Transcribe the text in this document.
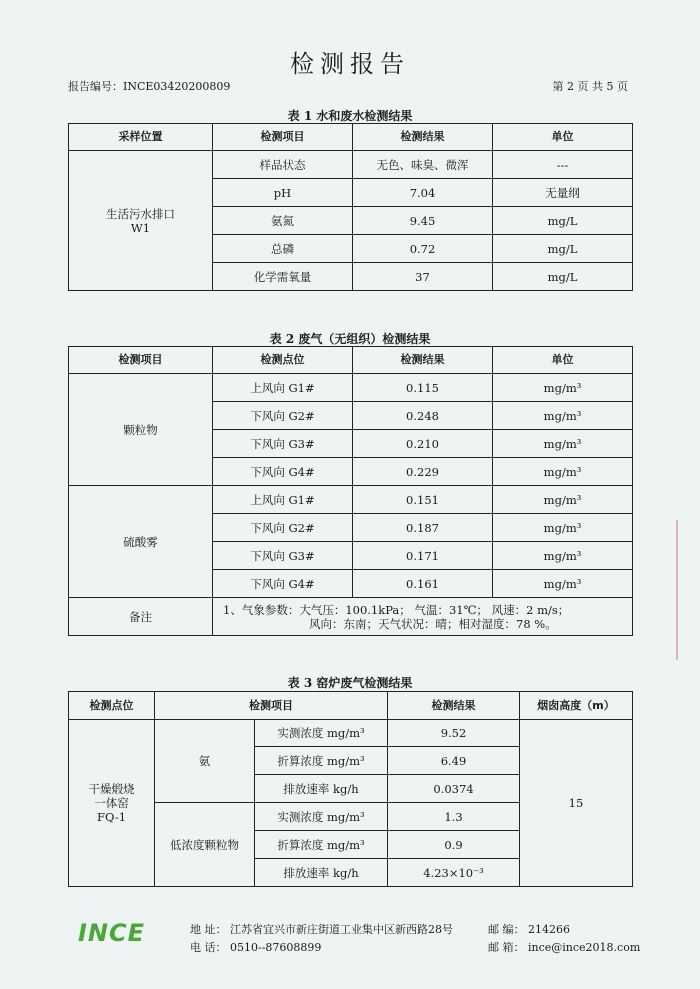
检测报告
报告编号：INCE03420200809	第 2 页 共 5 页
表 1 水和废水检测结果
采样位置	检测项目	检测结果	单位
生活污水排口
W1	样品状态	无色、味臭、微浑	---
	pH	7.04	无量纲
	氨氮	9.45	mg/L
	总磷	0.72	mg/L
	化学需氧量	37	mg/L
表 2 废气（无组织）检测结果
检测项目	检测点位	检测结果	单位
颗粒物	上风向 G1#	0.115	mg/m³
	下风向 G2#	0.248	mg/m³
	下风向 G3#	0.210	mg/m³
	下风向 G4#	0.229	mg/m³
硫酸雾	上风向 G1#	0.151	mg/m³
	下风向 G2#	0.187	mg/m³
	下风向 G3#	0.171	mg/m³
	下风向 G4#	0.161	mg/m³
备注	1、气象参数：大气压：100.1kPa； 气温：31℃； 风速：2 m/s；
风向：东南；天气状况：晴；相对湿度：78 %。		
表 3 窑炉废气检测结果
检测点位	检测项目		检测结果	烟囱高度（m）
干燥煅烧
一体窑
FQ-1	氨	实测浓度 mg/m³	9.52	15
		折算浓度 mg/m³	6.49	
		排放速率 kg/h	0.0374	
	低浓度颗粒物	实测浓度 mg/m³	1.3	
		折算浓度 mg/m³	0.9	
		排放速率 kg/h	4.23×10⁻³	
INCE	地 址： 江苏省宜兴市新庄街道工业集中区新西路28号	邮 编： 214266
电 话： 0510--87608899	邮 箱： ince@ince2018.com
